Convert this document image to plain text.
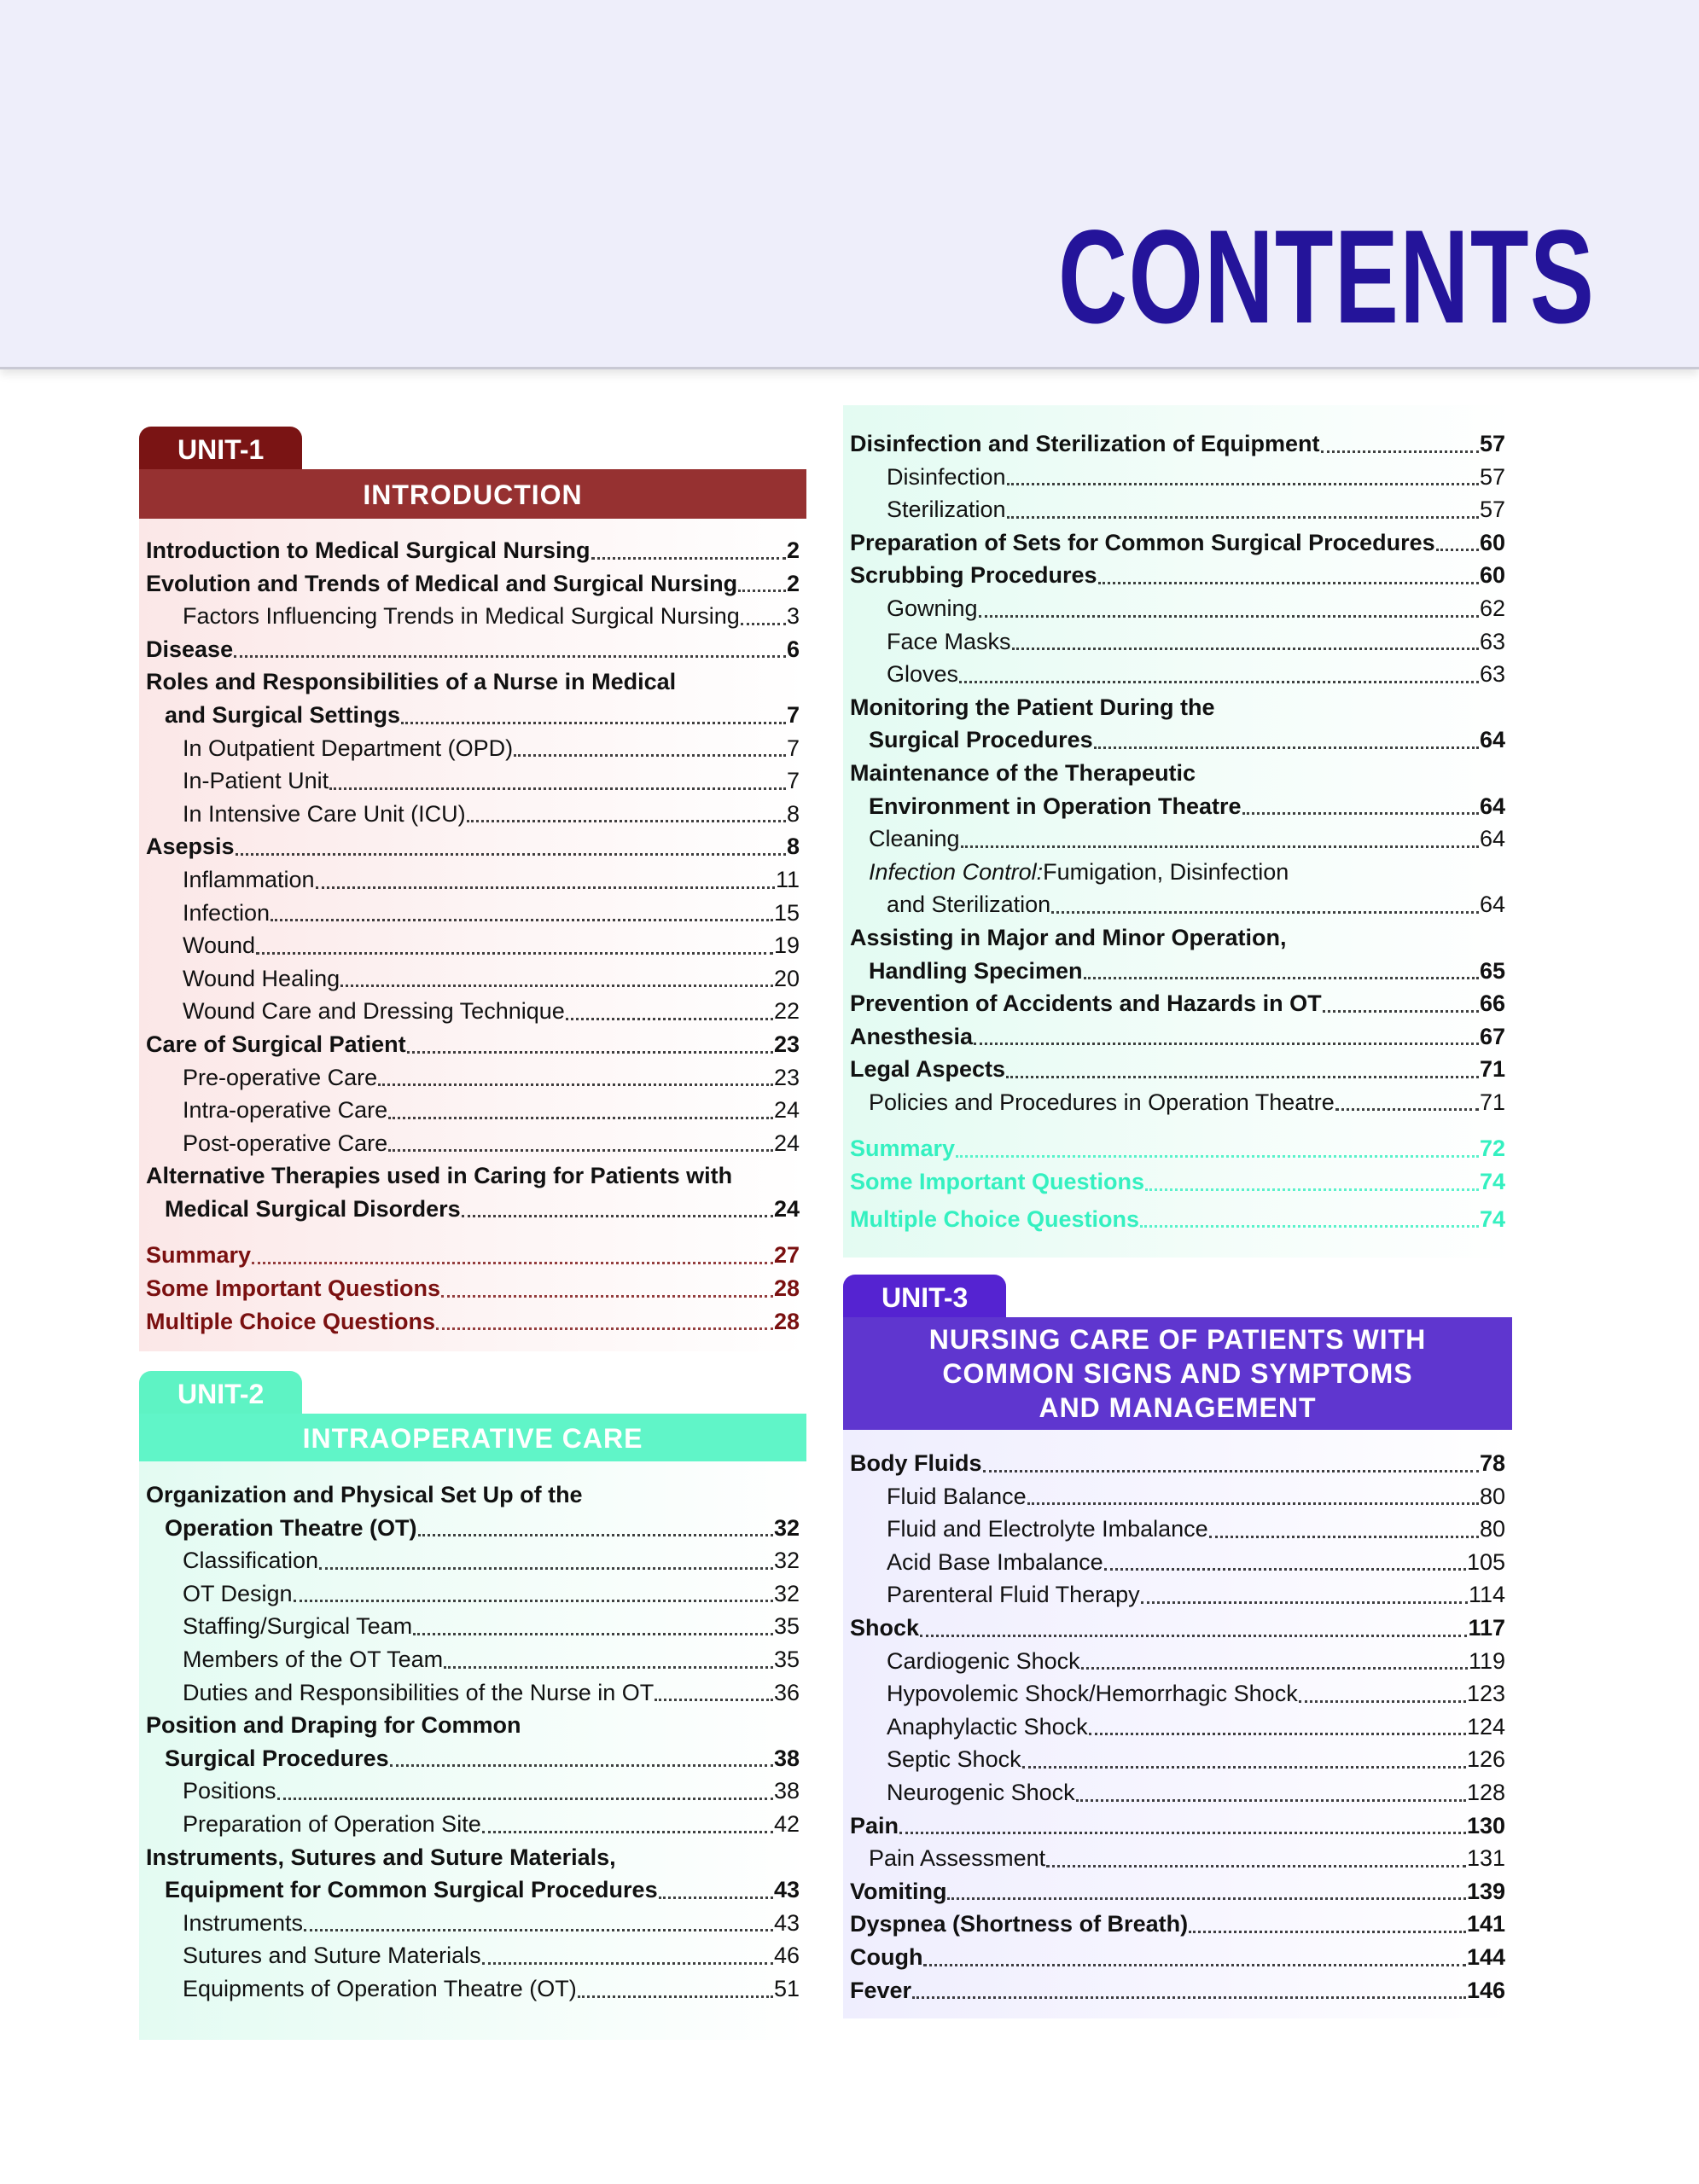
CONTENTS
UNIT-1
INTRODUCTION
Introduction to Medical Surgical Nursing	2
Evolution and Trends of Medical and Surgical Nursing 2
Factors Influencing Trends in Medical Surgical Nursing 3
Disease	6
Roles and Responsibilities of a Nurse in Medical
and Surgical Settings	7
In Outpatient Department (OPD)	7
In-Patient Unit	7
In Intensive Care Unit (ICU)	8
Asepsis	8
Inflammation	11
Infection	15
Wound	19
Wound Healing	20
Wound Care and Dressing Technique	22
Care of Surgical Patient	23
Pre-operative Care	23
Intra-operative Care	24
Post-operative Care	24
Alternative Therapies used in Caring for Patients with
Medical Surgical Disorders	24
Summary	27
Some Important Questions	28
Multiple Choice Questions	28
UNIT-2
INTRAOPERATIVE CARE
Organization and Physical Set Up of the
Operation Theatre (OT)	32
Classification	32
OT Design	32
Staffing/Surgical Team	35
Members of the OT Team	35
Duties and Responsibilities of the Nurse in OT	36
Position and Draping for Common
Surgical Procedures	38
Positions	38
Preparation of Operation Site	42
Instruments, Sutures and Suture Materials,
Equipment for Common Surgical Procedures	43
Instruments	43
Sutures and Suture Materials	46
Equipments of Operation Theatre (OT)	51
Disinfection and Sterilization of Equipment	57
Disinfection	57
Sterilization	57
Preparation of Sets for Common Surgical Procedures 60
Scrubbing Procedures	60
Gowning	62
Face Masks	63
Gloves	63
Monitoring the Patient During the
Surgical Procedures	64
Maintenance of the Therapeutic
Environment in Operation Theatre	64
Cleaning	64
Infection Control: Fumigation, Disinfection
and Sterilization	64
Assisting in Major and Minor Operation,
Handling Specimen	65
Prevention of Accidents and Hazards in OT	66
Anesthesia	67
Legal Aspects	71
Policies and Procedures in Operation Theatre	71
Summary	72
Some Important Questions	74
Multiple Choice Questions	74
UNIT-3
NURSING CARE OF PATIENTS WITH
COMMON SIGNS AND SYMPTOMS
AND MANAGEMENT
Body Fluids	78
Fluid Balance	80
Fluid and Electrolyte Imbalance	80
Acid Base Imbalance	105
Parenteral Fluid Therapy	114
Shock	117
Cardiogenic Shock	119
Hypovolemic Shock/Hemorrhagic Shock	123
Anaphylactic Shock	124
Septic Shock	126
Neurogenic Shock	128
Pain	130
Pain Assessment	131
Vomiting	139
Dyspnea (Shortness of Breath)	141
Cough	144
Fever	146
